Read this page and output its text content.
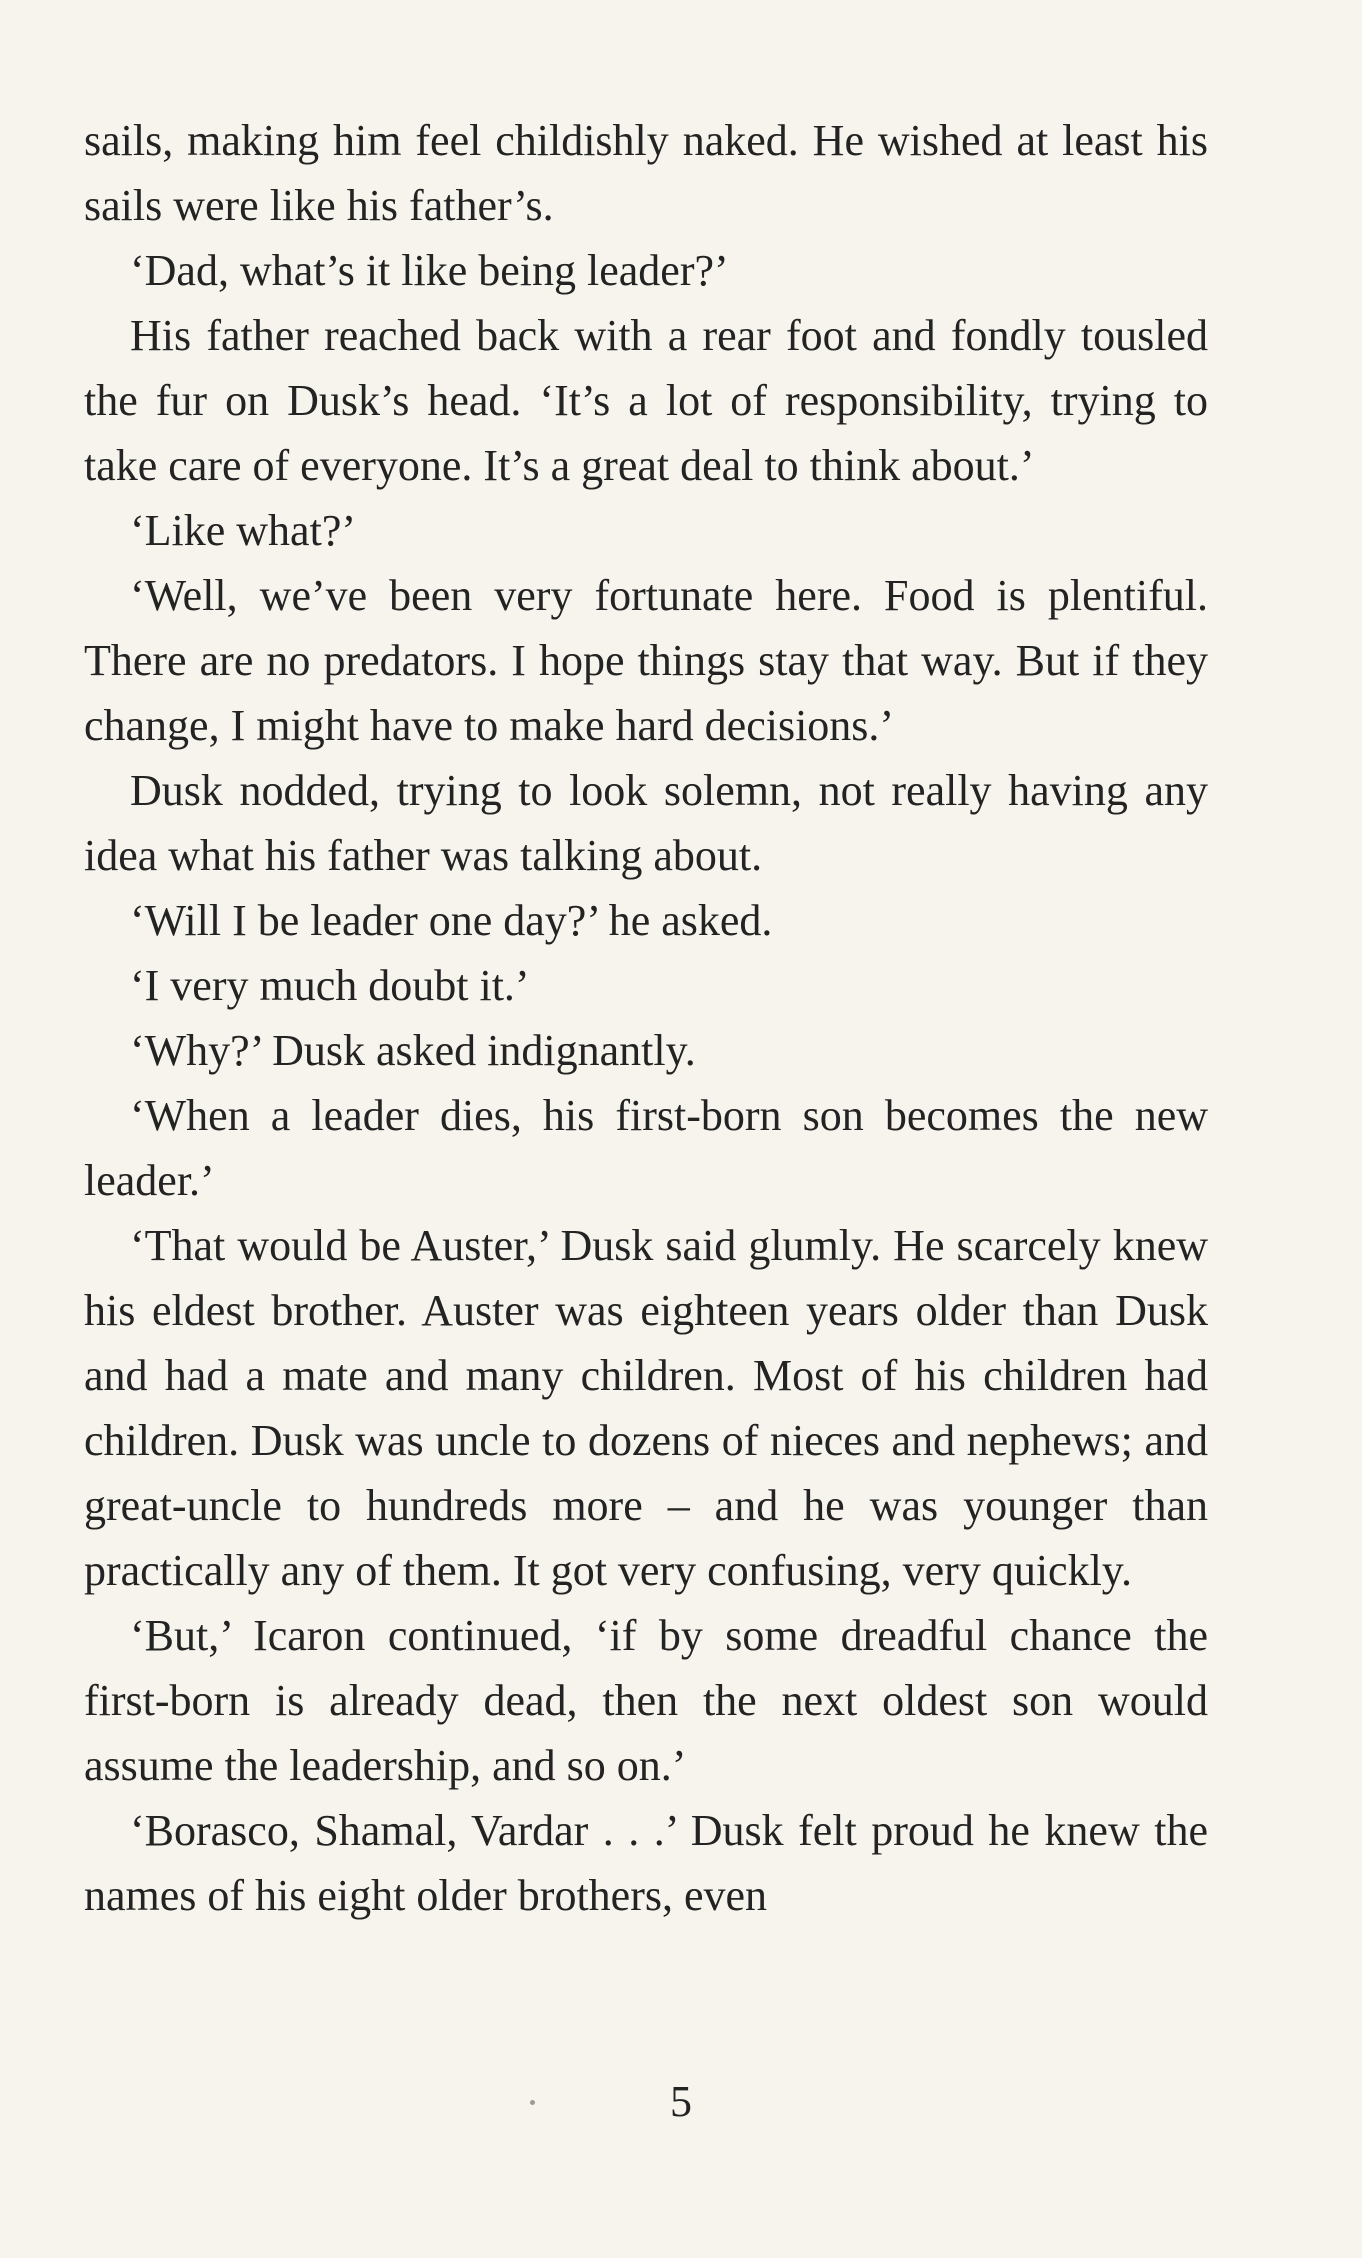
sails, making him feel childishly naked. He wished at least his sails were like his father’s.

‘Dad, what’s it like being leader?’

His father reached back with a rear foot and fondly tousled the fur on Dusk’s head. ‘It’s a lot of responsibility, trying to take care of everyone. It’s a great deal to think about.’

‘Like what?’

‘Well, we’ve been very fortunate here. Food is plentiful. There are no predators. I hope things stay that way. But if they change, I might have to make hard decisions.’

Dusk nodded, trying to look solemn, not really having any idea what his father was talking about.

‘Will I be leader one day?’ he asked.

‘I very much doubt it.’

‘Why?’ Dusk asked indignantly.

‘When a leader dies, his first-born son becomes the new leader.’

‘That would be Auster,’ Dusk said glumly. He scarcely knew his eldest brother. Auster was eighteen years older than Dusk and had a mate and many children. Most of his children had children. Dusk was uncle to dozens of nieces and nephews; and great-uncle to hundreds more – and he was younger than practically any of them. It got very confusing, very quickly.

‘But,’ Icaron continued, ‘if by some dreadful chance the first-born is already dead, then the next oldest son would assume the leadership, and so on.’

‘Borasco, Shamal, Vardar . . .’ Dusk felt proud he knew the names of his eight older brothers, even

5
